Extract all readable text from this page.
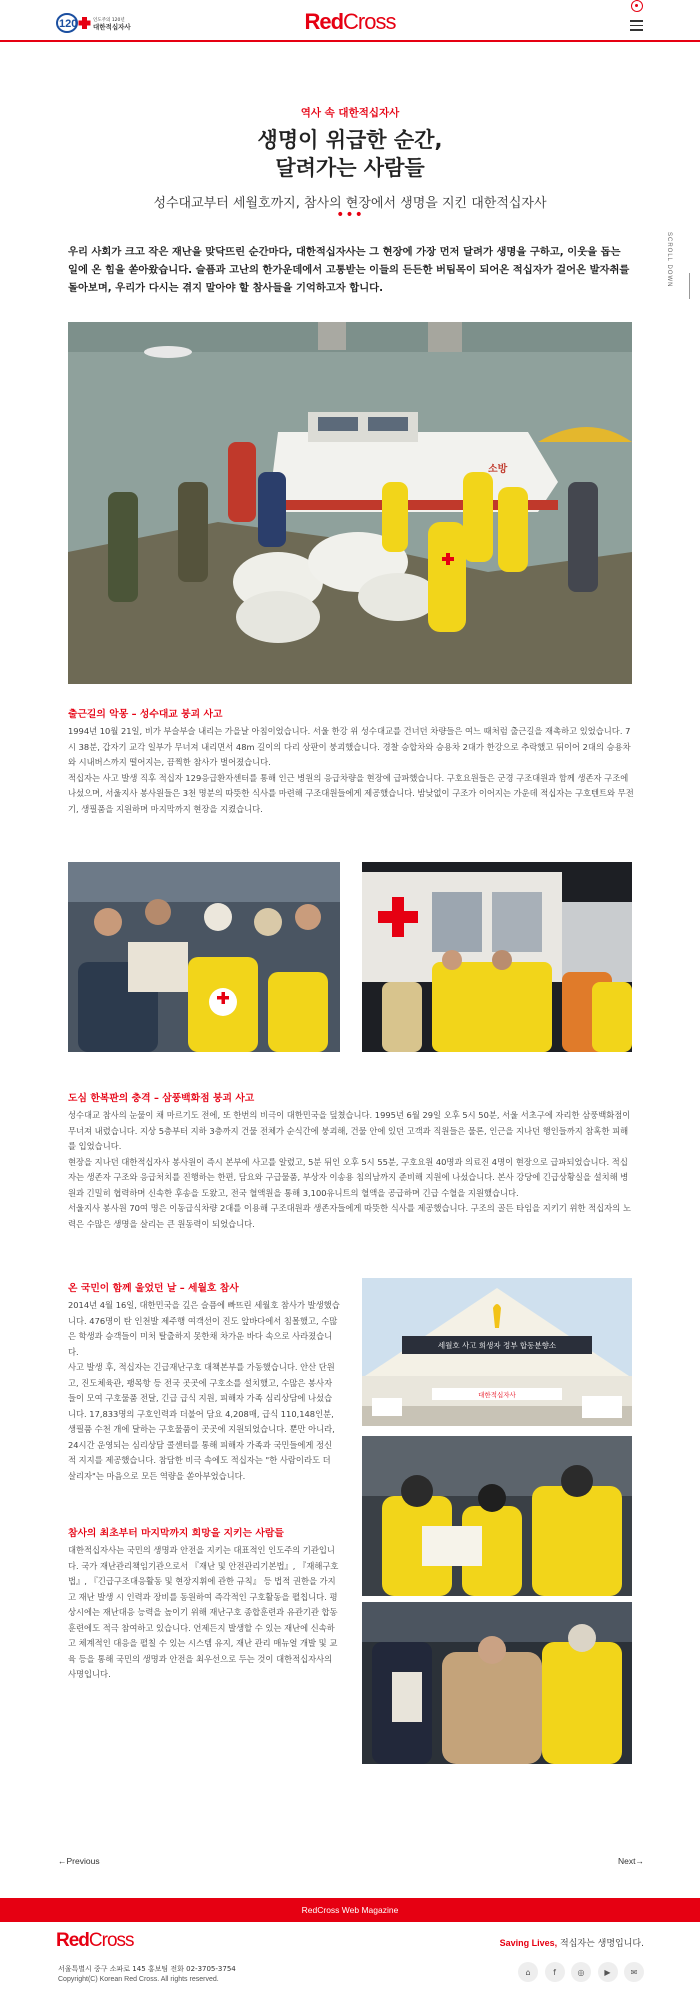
120	인도주의 120년
대한적십자사	RedCross
SCROLL DOWN
역사 속 대한적십자사
생명이 위급한 순간,
달려가는 사람들
성수대교부터 세월호까지, 참사의 현장에서 생명을 지킨 대한적십자사
•••
우리 사회가 크고 작은 재난을 맞닥뜨린 순간마다, 대한적십자사는 그 현장에 가장 먼저 달려가 생명을 구하고, 이웃을 돕는 일에 온 힘을 쏟아왔습니다. 슬픔과 고난의 한가운데에서 고통받는 이들의 든든한 버팀목이 되어온 적십자가 걸어온 발자취를 돌아보며, 우리가 다시는 겪지 말아야 할 참사들을 기억하고자 합니다.
소방
출근길의 악몽 – 성수대교 붕괴 사고

1994년 10월 21일, 비가 부슬부슬 내리는 가을날 아침이었습니다. 서울 한강 위 성수대교를 건너던 차량들은 여느 때처럼 출근길을 재촉하고 있었습니다. 7시 38분, 갑자기 교각 일부가 무너져 내리면서 48m 길이의 다리 상판이 붕괴했습니다. 경찰 승합차와 승용차 2대가 한강으로 추락했고 뒤이어 2대의 승용차와 시내버스까지 떨어지는, 끔찍한 참사가 벌어졌습니다.

적십자는 사고 발생 직후 적십자 129응급환자센터를 통해 인근 병원의 응급차량을 현장에 급파했습니다. 구호요원들은 군경 구조대원과 함께 생존자 구조에 나섰으며, 서울지사 봉사원들은 3천 명분의 따뜻한 식사를 마련해 구조대원들에게 제공했습니다. 밤낮없이 구조가 이어지는 가운데 적십자는 구호텐트와 무전기, 생필품을 지원하며 마지막까지 현장을 지켰습니다.

도심 한복판의 충격 – 삼풍백화점 붕괴 사고

성수대교 참사의 눈물이 채 마르기도 전에, 또 한번의 비극이 대한민국을 덮쳤습니다. 1995년 6월 29일 오후 5시 50분, 서울 서초구에 자리한 삼풍백화점이 무너져 내렸습니다. 지상 5층부터 지하 3층까지 건물 전체가 순식간에 붕괴해, 건물 안에 있던 고객과 직원들은 물론, 인근을 지나던 행인들까지 참혹한 피해를 입었습니다.

현장을 지나던 대한적십자사 봉사원이 즉시 본부에 사고를 알렸고, 5분 뒤인 오후 5시 55분, 구호요원 40명과 의료진 4명이 현장으로 급파되었습니다. 적십자는 생존자 구조와 응급처치를 진행하는 한편, 담요와 구급물품, 부상자 이송용 침의남까지 준비해 지원에 나섰습니다. 본사 강당에 긴급상황실을 설치해 병원과 긴밀히 협력하며 신속한 후송을 도왔고, 전국 혈액원을 통해 3,100유니트의 혈액을 공급하며 긴급 수혈을 지원했습니다.

서울지사 봉사원 70여 명은 이동급식차량 2대를 이용해 구조대원과 생존자들에게 따뜻한 식사를 제공했습니다. 구조의 골든 타임을 지키기 위한 적십자의 노력은 수많은 생명을 살리는 큰 원동력이 되었습니다.

온 국민이 함께 울었던 날 – 세월호 참사

2014년 4월 16일, 대한민국을 깊은 슬픔에 빠뜨린 세월호 참사가 발생했습니다. 476명이 탄 인천발 제주행 여객선이 진도 앞바다에서 침몰했고, 수많은 학생과 승객들이 미처 탈출하지 못한채 차가운 바다 속으로 사라졌습니다.

사고 발생 후, 적십자는 긴급재난구호 대책본부를 가동했습니다. 안산 단원고, 진도체육관, 팽목항 등 전국 곳곳에 구호소를 설치했고, 수많은 봉사자들이 모여 구호물품 전달, 긴급 급식 지원, 피해자 가족 심리상담에 나섰습니다. 17,833명의 구호인력과 더불어 담요 4,208매, 급식 110,148인분, 생필품 수천 개에 달하는 구호물품이 곳곳에 지원되었습니다. 뿐만 아니라, 24시간 운영되는 심리상담 콜센터를 통해 피해자 가족과 국민들에게 정신적 지지를 제공했습니다. 참담한 비극 속에도 적십자는 "한 사람이라도 더 살리자"는 마음으로 모든 역량을 쏟아부었습니다.

참사의 최초부터 마지막까지 희망을 지키는 사람들

대한적십자사는 국민의 생명과 안전을 지키는 대표적인 인도주의 기관입니다. 국가 재난관리책임기관으로서 『재난 및 안전관리기본법』, 『재해구호법』, 『긴급구조대응활동 및 현장지휘에 관한 규칙』 등 법적 권한을 가지고 재난 발생 시 인력과 장비를 동원하여 즉각적인 구호활동을 펼칩니다. 평상시에는 재난대응 능력을 높이기 위해 재난구호 종합훈련과 유관기관 합동훈련에도 적극 참여하고 있습니다. 언제든지 발생할 수 있는 재난에 신속하고 체계적인 대응을 펼칠 수 있는 시스템 유지, 재난 관리 매뉴얼 개발 및 교육 등을 통해 국민의 생명과 안전을 최우선으로 두는 것이 대한적십자사의 사명입니다.

세월호 사고 희생자 정부 합동분향소
대한적십자사
←Previous	Next→
RedCross Web Magazine
RedCross	Saving Lives, 적십자는 생명입니다.
서울특별시 중구 소파로 145 홍보팀 전화 02-3705-3754
Copyright(C) Korean Red Cross. All rights reserved.
⌂	f	◎	▶	✉
